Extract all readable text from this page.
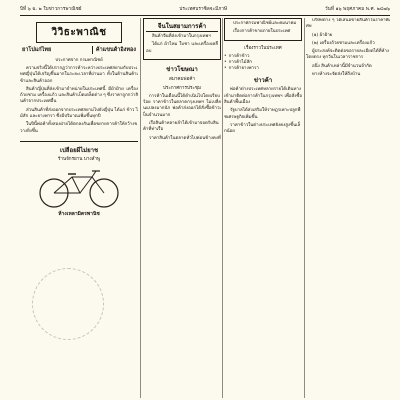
ปีที่ ๖ ฉ. ๒ ใบข่าวการพาณิชย์	ประเทศบราซิลจะมีภาษี	วันที่ ๑๖ พฤศภาคม พ.ศ. ๒๔๗๖
วิวิธะพาณิช
ยาโปแก่ไทย	ค้าแขนด้าอิงทอง
ประกาศจาก กรมพาณิชย์

ความจริงนี้ได้ปรากฏว่าการค้าระหว่างประเทศสยามกับประเทศญี่ปุ่นได้เจริญขึ้นมากในระยะเวลาที่ผ่านมา ทั้งในด้านสินค้าเข้าและสินค้าออก

สินค้าญี่ปุ่นที่ส่งเข้ามาจำหน่ายในประเทศนี้ มีผ้าฝ้าย เครื่องถ้วยชาม เครื่องแก้ว และสินค้าเบ็ดเตล็ดต่าง ๆ ซึ่งราคาถูกกว่าสินค้าจากประเทศอื่น

ส่วนสินค้าที่ส่งออกจากประเทศสยามไปยังญี่ปุ่น ได้แก่ ข้าว ไม้สัก และยางพารา ซึ่งมีปริมาณเพิ่มขึ้นทุกปี

ในปีนี้พ่อค้าทั้งสองฝ่ายได้ตกลงกันเพื่อขยายการค้าให้กว้างขวางยิ่งขึ้น

เปลือยผีไม่ยาช
ร้านจักรยาน บางลำพู
ห้างเหลามิตรพานิช
จีนในสยามการค้า

สินค้าจีนที่ส่งเข้ามาในกรุงเทพฯ

ได้แก่ ผ้าไหม ใบชา และเครื่องเคลือบ

ข่าวโฆษณา
สมาคมพ่อค้า
ประกาศการประชุม

การค้าในเดือนนี้ได้ดำเนินไปโดยเรียบร้อย ราคาข้าวในตลาดกรุงเทพฯ ไม่เปลี่ยนแปลงมากนัก พ่อค้าส่งออกได้สั่งซื้อข้าวเป็นจำนวนมาก

เรือสินค้าหลายลำได้เข้ามาจอดรับสินค้าที่ท่าเรือ

ราคาสินค้าในตลาดทั่วไปค่อนข้างคงที่

ประกาศกรมพาณิชย์และคมนาคม

เรื่องการค้าขายภายในประเทศ

เรื่องราวในประเทศ
• การค้าข้าว
• การค้าไม้สัก
• การค้ายางพารา
ข่าวค้า

พ่อค้าต่างประเทศหลายรายได้เดินทางเข้ามาติดต่อการค้าในกรุงเทพฯ เพื่อสั่งซื้อสินค้าพื้นเมือง

รัฐบาลได้ส่งเสริมให้ราษฎรเพาะปลูกพืชเศรษฐกิจเพิ่มขึ้น

ราคาข้าวในต่างประเทศยังคงสูงขึ้นเล็กน้อย

บริษัทต่าง ๆ ได้เสนอขายสินค้าในราคาพิเศษ

(๑) ผ้าฝ้าย

(๒) เครื่องถ้วยชามและเครื่องแก้ว

ผู้ประสงค์จะติดต่อขอรายละเอียดได้ที่ห้างโดยตรง ทุกวันในเวลาราชการ

อนึ่ง สินค้าเหล่านี้มีจำนวนจำกัด

ทางห้างจะจัดส่งให้ถึงบ้าน
